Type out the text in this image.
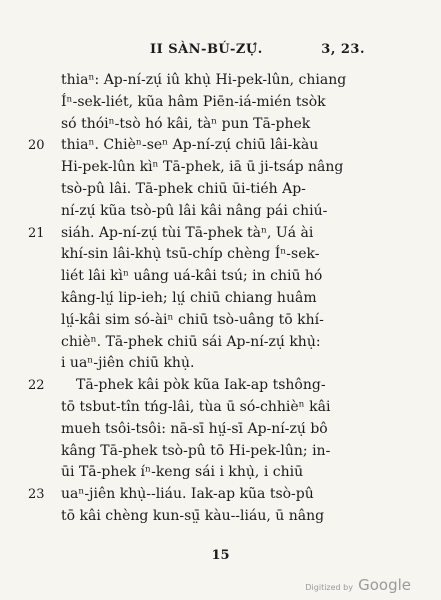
II SÀN-BÚ-ZỤ́.	3, 23.
thiaⁿ: Ap-ní-zụ́ iû khụ̀ Hi-pek-lûn, chiang
Íⁿ-sek-liét, kũa hâm Piēn-iá-mién tsòk
só thóiⁿ-tsò hó kâi, tàⁿ pun Tā-phek
20	thiaⁿ. Chièⁿ-seⁿ Ap-ní-zụ́ chiū lâi-kàu
Hi-pek-lûn kìⁿ Tā-phek, iā ū ji-tsáp nâng
tsò-pû lâi. Tā-phek chiū ūi-tiéh Ap-
ní-zụ́ kũa tsò-pû lâi kâi nâng pái chiú-
21	siáh. Ap-ní-zụ́ tùi Tā-phek tàⁿ, Uá ài
khí-sin lâi-khụ̀ tsū-chíp chèng Íⁿ-sek-
liét lâi kìⁿ uâng uá-kâi tsú; in chiū hó
kâng-lṳ́ lip-ieh; lṳ́ chiū chiang huâm
lṳ́-kâi sim só-àiⁿ chiū tsò-uâng tō khí-
chièⁿ. Tā-phek chiū sái Ap-ní-zụ́ khụ̀:
i uaⁿ-jiên chiū khụ̀.
22	Tā-phek kâi pòk kũa Iak-ap tshông-
tō tsbut-tîn tńg-lâi, tùa ū só-chhièⁿ kâi
mueh tsôi-tsôi: nā-sī hṳ́-sī Ap-ní-zụ́ bô
kâng Tā-phek tsò-pû tō Hi-pek-lûn; in-
ūi Tā-phek íⁿ-keng sái i khụ̀, i chiū
23	uaⁿ-jiên khụ̀--liáu. Iak-ap kũa tsò-pû
tō kâi chèng kun-sṳ̄ kàu--liáu, ū nâng
15
Digitized by Google
